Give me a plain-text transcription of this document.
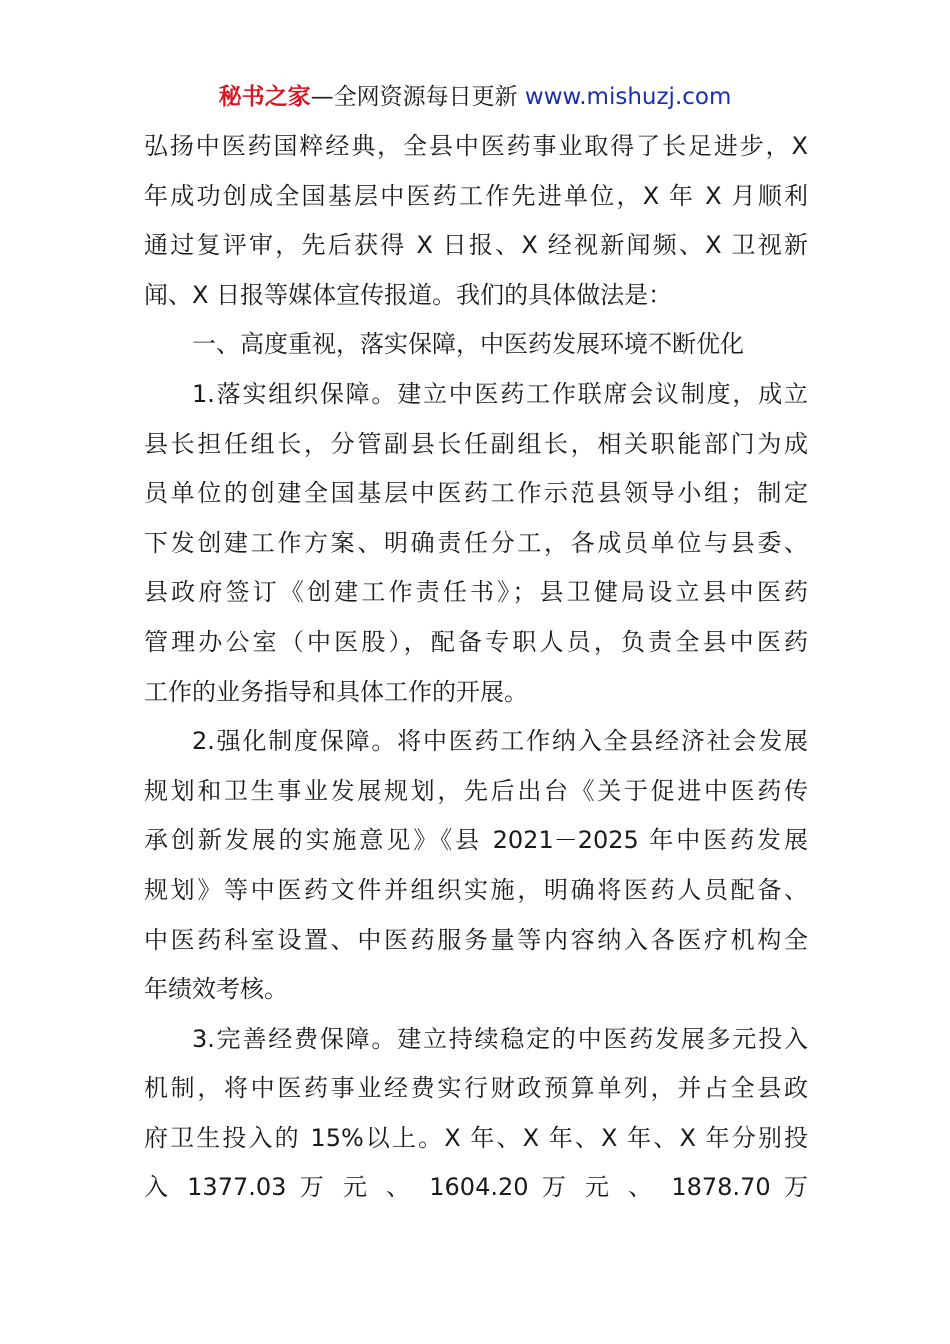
秘书之家—全网资源每日更新 www.mishuzj.com
弘扬中医药国粹经典，全县中医药事业取得了长足进步，X
年成功创成全国基层中医药工作先进单位，X 年 X 月顺利
通过复评审，先后获得 X 日报、X 经视新闻频、X 卫视新
闻、X 日报等媒体宣传报道。我们的具体做法是：
一、高度重视，落实保障，中医药发展环境不断优化
1.落实组织保障。建立中医药工作联席会议制度，成立
县长担任组长，分管副县长任副组长，相关职能部门为成
员单位的创建全国基层中医药工作示范县领导小组；制定
下发创建工作方案、明确责任分工，各成员单位与县委、
县政府签订《创建工作责任书》；县卫健局设立县中医药
管理办公室（中医股），配备专职人员，负责全县中医药
工作的业务指导和具体工作的开展。
2.强化制度保障。将中医药工作纳入全县经济社会发展
规划和卫生事业发展规划，先后出台《关于促进中医药传
承创新发展的实施意见》《县 2021－2025 年中医药发展
规划》等中医药文件并组织实施，明确将医药人员配备、
中医药科室设置、中医药服务量等内容纳入各医疗机构全
年绩效考核。
3.完善经费保障。建立持续稳定的中医药发展多元投入
机制，将中医药事业经费实行财政预算单列，并占全县政
府卫生投入的 15%以上。X 年、X 年、X 年、X 年分别投
入 1377.03 万 元 、 1604.20 万 元 、 1878.70 万
